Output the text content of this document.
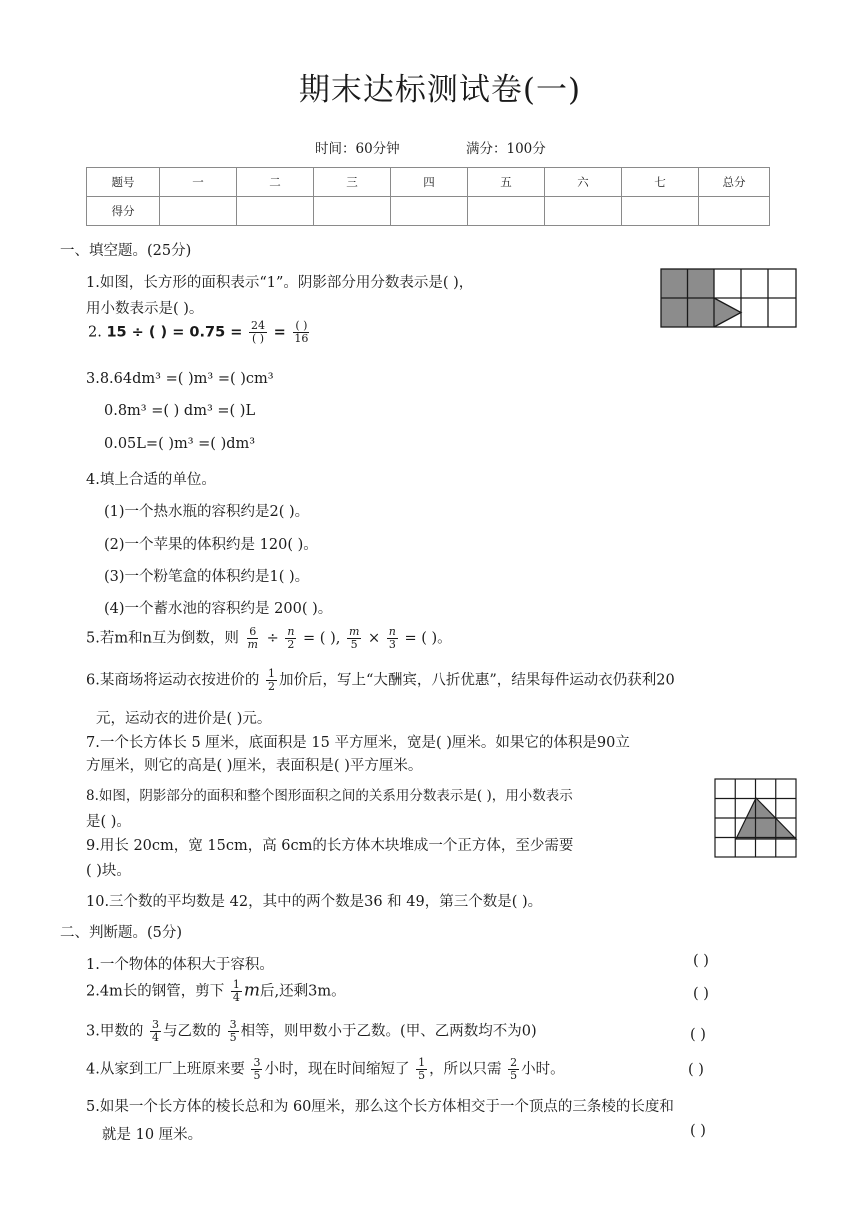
期末达标测试卷(一)
时间：60分钟	满分：100分
题号	一	二	三	四	五	六	七	总分
得分								
一、填空题。(25分)
1.如图，长方形的面积表示“1”。阴影部分用分数表示是( )，
用小数表示是( )。
2. 15 ÷ ( ) = $0.75 = \frac{24}{( )} = \frac{( )}{16}$
3.8.64dm³ =( )m³ =( )cm³
0.8m³ =( ) dm³ =( )L
0.05L=( )m³ =( )dm³
4.填上合适的单位。
(1)一个热水瓶的容积约是2( )。
(2)一个苹果的体积约是 120( )。
(3)一个粉笔盒的体积约是1( )。
(4)一个蓄水池的容积约是 200( )。
5.若m和n互为倒数，则 $\frac{6}{m} \div \frac{n}{2}$ = ( ), $\frac{m}{5} \times \frac{n}{3}$ = ( )。
6.某商场将运动衣按进价的 $\frac{1}{2}$ 加价后，写上“大酬宾，八折优惠”，结果每件运动衣仍获利20
元，运动衣的进价是( )元。
7.一个长方体长 5 厘米，底面积是 15 平方厘米，宽是( )厘米。如果它的体积是90立
方厘米，则它的高是( )厘米，表面积是( )平方厘米。
8.如图，阴影部分的面积和整个图形面积之间的关系用分数表示是( )，用小数表示
是( )。
9.用长 20cm，宽 15cm，高 6cm的长方体木块堆成一个正方体，至少需要
( )块。
10.三个数的平均数是 42，其中的两个数是36 和 49，第三个数是( )。
二、判断题。(5分)
1.一个物体的体积大于容积。	( )
2.4m长的钢管，剪下 $\frac{1}{4}$ m后,还剩3m。	( )
3.甲数的 $\frac{3}{4}$ 与乙数的 $\frac{3}{5}$ 相等，则甲数小于乙数。(甲、乙两数均不为0)	( )
4.从家到工厂上班原来要 $\frac{3}{5}$ 小时，现在时间缩短了 $\frac{1}{5}$ ，所以只需 $\frac{2}{5}$ 小时。	( )
5.如果一个长方体的棱长总和为 60厘米，那么这个长方体相交于一个顶点的三条棱的长度和
就是 10 厘米。	( )
